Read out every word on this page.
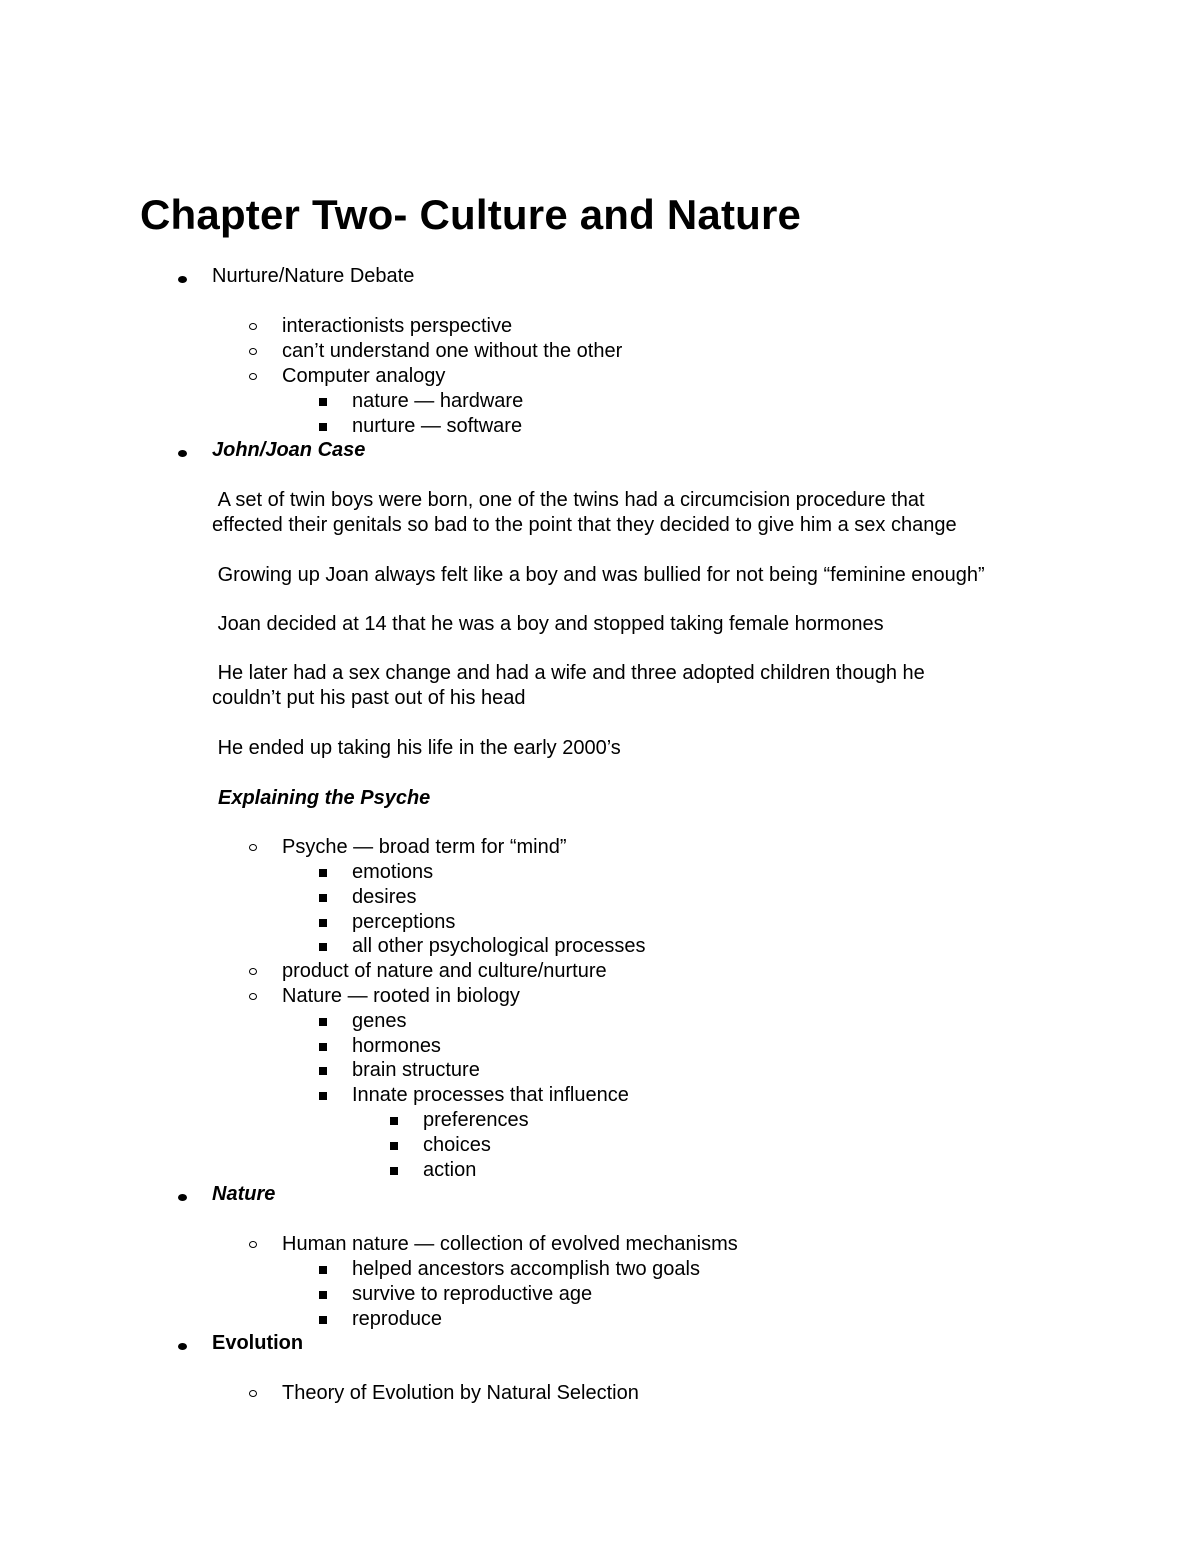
Chapter Two- Culture and Nature
Nurture/Nature Debate
interactionists perspective
can’t understand one without the other
Computer analogy
nature — hardware
nurture — software
John/Joan Case
A set of twin boys were born, one of the twins had a circumcision procedure that
effected their genitals so bad to the point that they decided to give him a sex change
Growing up Joan always felt like a boy and was bullied for not being “feminine enough”
Joan decided at 14 that he was a boy and stopped taking female hormones
He later had a sex change and had a wife and three adopted children though he
couldn’t put his past out of his head
He ended up taking his life in the early 2000’s
Explaining the Psyche
Psyche — broad term for “mind”
emotions
desires
perceptions
all other psychological processes
product of nature and culture/nurture
Nature — rooted in biology
genes
hormones
brain structure
Innate processes that influence
preferences
choices
action
Nature
Human nature — collection of evolved mechanisms
helped ancestors accomplish two goals
survive to reproductive age
reproduce
Evolution
Theory of Evolution by Natural Selection
